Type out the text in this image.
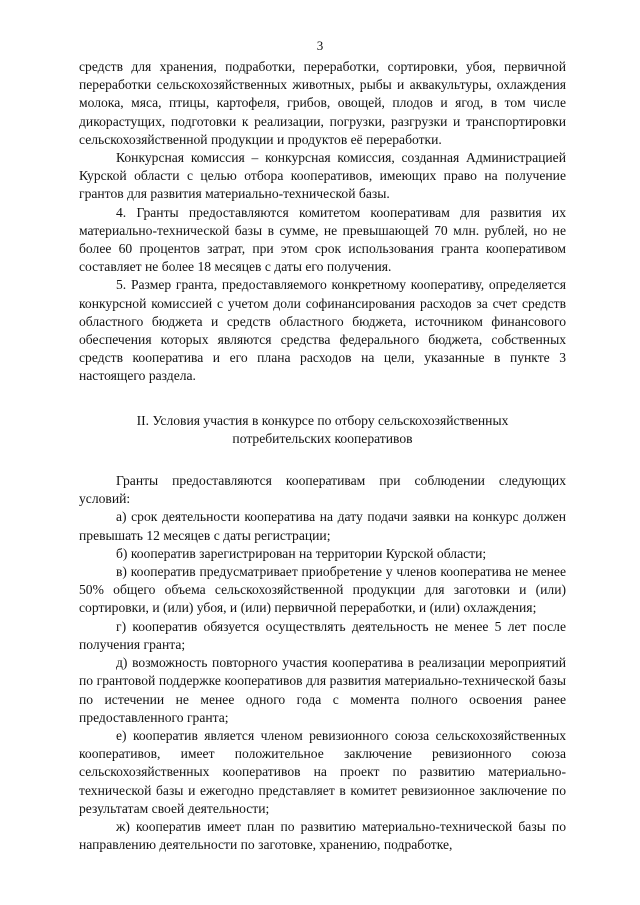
3

средств для хранения, подработки, переработки, сортировки, убоя, первичной переработки сельскохозяйственных животных, рыбы и аквакультуры, охлаждения молока, мяса, птицы, картофеля, грибов, овощей, плодов и ягод, в том числе дикорастущих, подготовки к реализации, погрузки, разгрузки и транспортировки сельскохозяйственной продукции и продуктов её переработки.

Конкурсная комиссия – конкурсная комиссия, созданная Администрацией Курской области с целью отбора кооперативов, имеющих право на получение грантов для развития материально-технической базы.

4. Гранты предоставляются комитетом кооперативам для развития их материально-технической базы в сумме, не превышающей 70 млн. рублей, но не более 60 процентов затрат, при этом срок использования гранта кооперативом составляет не более 18 месяцев с даты его получения.

5. Размер гранта, предоставляемого конкретному кооперативу, определяется конкурсной комиссией с учетом доли софинансирования расходов за счет средств областного бюджета и средств областного бюджета, источником финансового обеспечения которых являются средства федерального бюджета, собственных средств кооператива и его плана расходов на цели, указанные в пункте 3 настоящего раздела.

II. Условия участия в конкурсе по отбору сельскохозяйственных
потребительских кооперативов

Гранты предоставляются кооперативам при соблюдении следующих условий:

а) срок деятельности кооператива на дату подачи заявки на конкурс должен превышать 12 месяцев с даты регистрации;

б) кооператив зарегистрирован на территории Курской области;

в) кооператив предусматривает приобретение у членов кооператива не менее 50% общего объема сельскохозяйственной продукции для заготовки и (или) сортировки, и (или) убоя, и (или) первичной переработки, и (или) охлаждения;

г) кооператив обязуется осуществлять деятельность не менее 5 лет после получения гранта;

д) возможность повторного участия кооператива в реализации мероприятий по грантовой поддержке кооперативов для развития материально-технической базы по истечении не менее одного года с момента полного освоения ранее предоставленного гранта;

е) кооператив является членом ревизионного союза сельскохозяйственных кооперативов, имеет положительное заключение ревизионного союза сельскохозяйственных кооперативов на проект по развитию материально-технической базы и ежегодно представляет в комитет ревизионное заключение по результатам своей деятельности;

ж) кооператив имеет план по развитию материально-технической базы по направлению деятельности по заготовке, хранению, подработке,
